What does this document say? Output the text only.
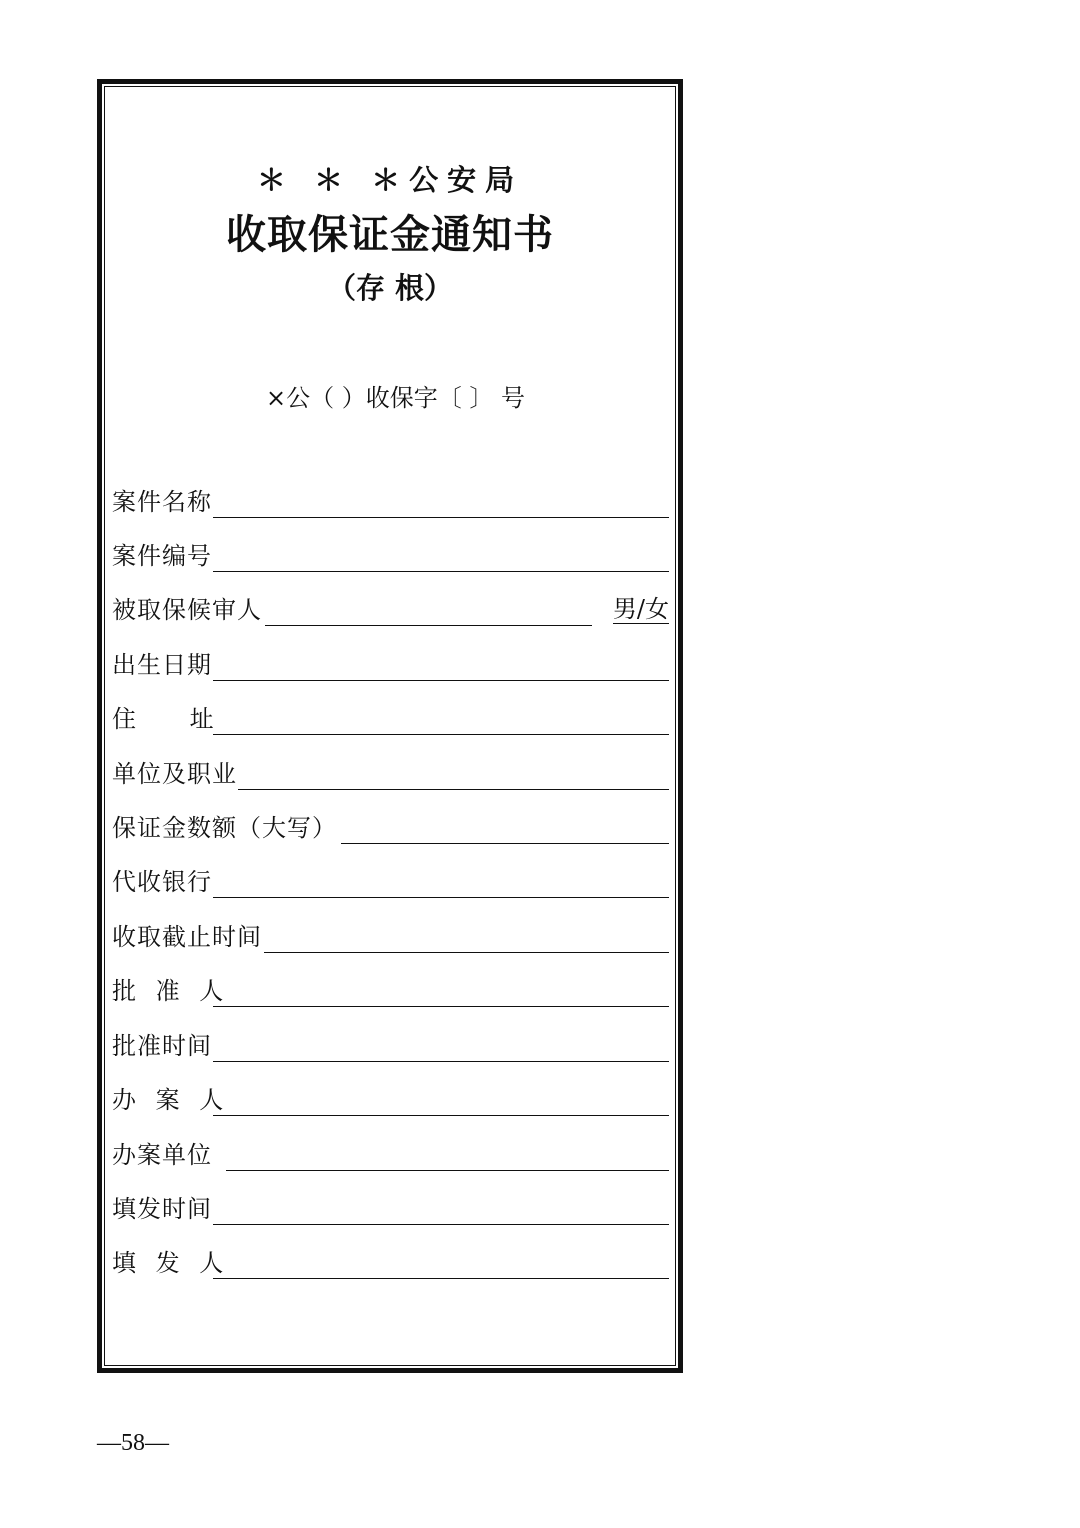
＊ ＊ ＊公安局
收取保证金通知书
（存 根）
×公（ ）收保字〔 〕 号
案件名称
案件编号
被取保候审人	男/女
出生日期
住 址
单位及职业
保证金数额（大写）
代收银行
收取截止时间
批 准 人
批准时间
办 案 人
办案单位
填发时间
填 发 人
—58—
